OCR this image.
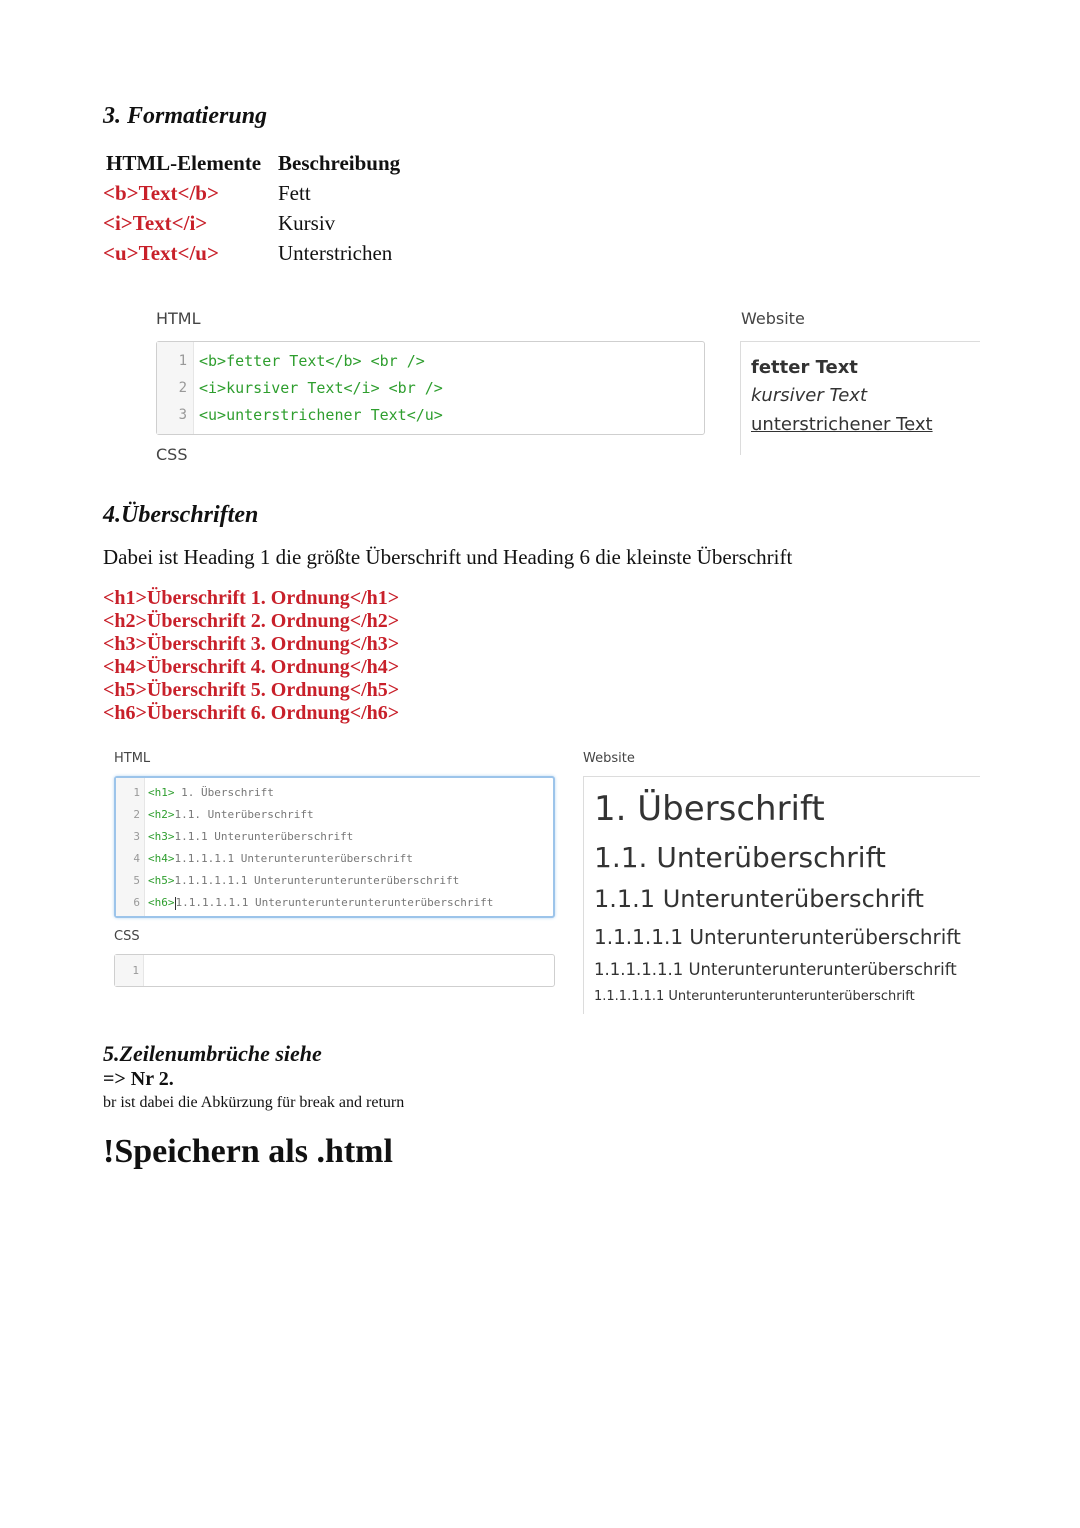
3. Formatierung
HTML-Elemente	Beschreibung
<b>Text</b>	Fett
<i>Text</i>	Kursiv
<u>Text</u>	Unterstrichen
HTML	Website
1
2
3
<b>fetter Text</b> <br />
<i>kursiver Text</i> <br />
<u>unterstrichener Text</u>
CSS
fetter Text
kursiver Text
unterstrichener Text
4.Überschriften
Dabei ist Heading 1 die größte Überschrift und Heading 6 die kleinste Überschrift
<h1>Überschrift 1. Ordnung</h1>
<h2>Überschrift 2. Ordnung</h2>
<h3>Überschrift 3. Ordnung</h3>
<h4>Überschrift 4. Ordnung</h4>
<h5>Überschrift 5. Ordnung</h5>
<h6>Überschrift 6. Ordnung</h6>
HTML	Website
1
2
3
4
5
6
<h1> 1. Überschrift
<h2>1.1. Unterüberschrift
<h3>1.1.1 Unterunterüberschrift
<h4>1.1.1.1.1 Unterunterunterüberschrift
<h5>1.1.1.1.1.1 Unterunterunterunterüberschrift
<h6>1.1.1.1.1.1 Unterunterunterunterunterüberschrift
CSS
1
1. Überschrift
1.1. Unterüberschrift
1.1.1 Unterunterüberschrift
1.1.1.1.1 Unterunterunterüberschrift
1.1.1.1.1.1 Unterunterunterunterüberschrift
1.1.1.1.1.1 Unterunterunterunterunterüberschrift
5.Zeilenumbrüche siehe
=> Nr 2.
br ist dabei die Abkürzung für break and return
!Speichern als .html
